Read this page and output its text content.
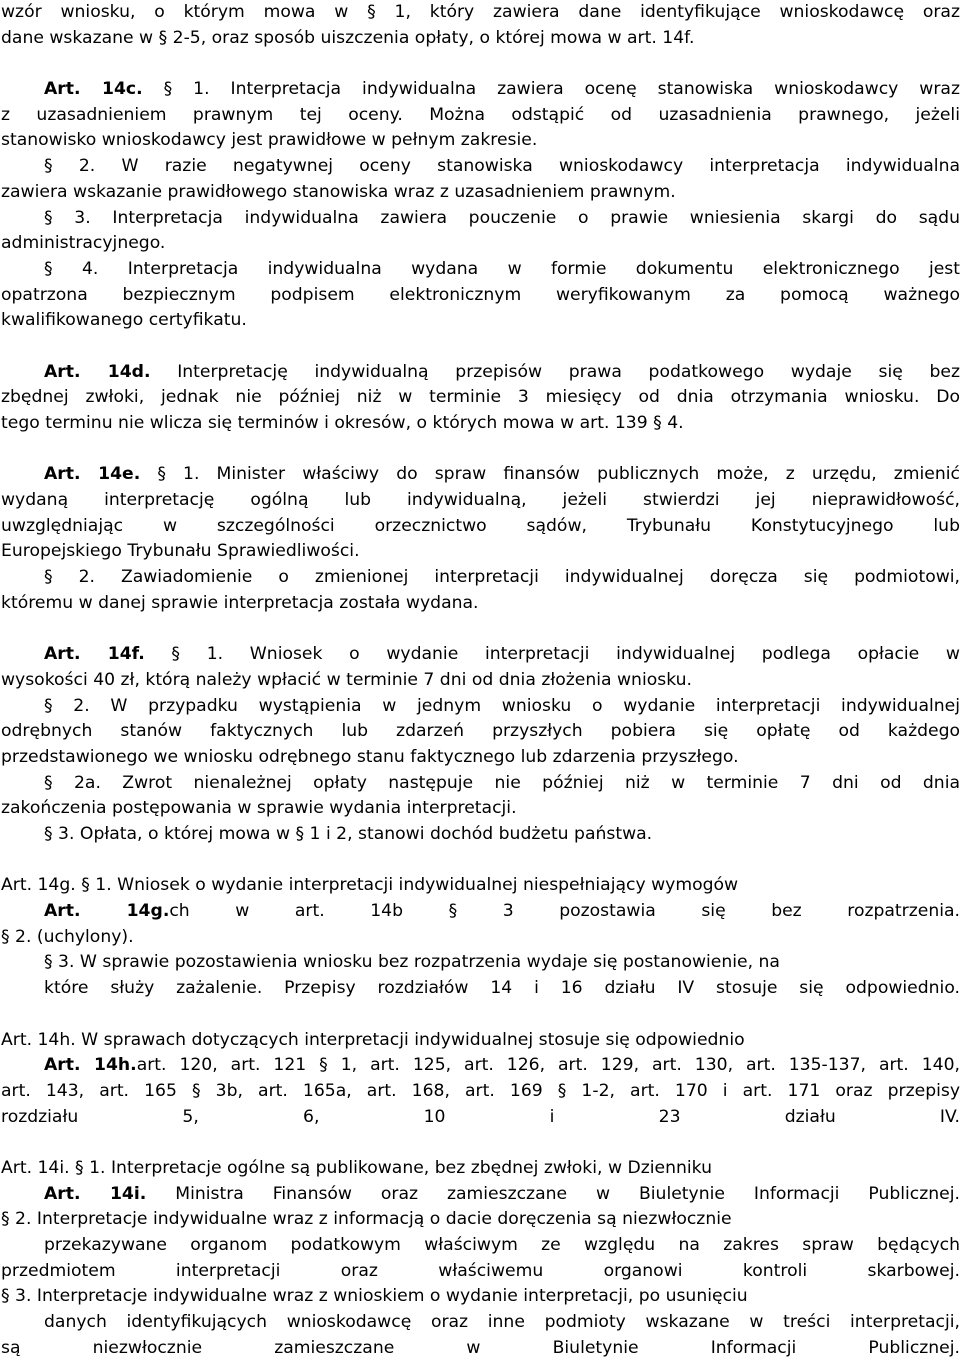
wzór wniosku, o którym mowa w § 1, który zawiera dane identyfikujące wnioskodawcę oraz
dane wskazane w § 2-5, oraz sposób uiszczenia opłaty, o której mowa w art. 14f.
Art. 14c. § 1. Interpretacja indywidualna zawiera ocenę stanowiska wnioskodawcy wraz
z uzasadnieniem prawnym tej oceny. Można odstąpić od uzasadnienia prawnego, jeżeli
stanowisko wnioskodawcy jest prawidłowe w pełnym zakresie.
§ 2. W razie negatywnej oceny stanowiska wnioskodawcy interpretacja indywidualna
zawiera wskazanie prawidłowego stanowiska wraz z uzasadnieniem prawnym.
§ 3. Interpretacja indywidualna zawiera pouczenie o prawie wniesienia skargi do sądu
administracyjnego.
§ 4. Interpretacja indywidualna wydana w formie dokumentu elektronicznego jest
opatrzona bezpiecznym podpisem elektronicznym weryfikowanym za pomocą ważnego
kwalifikowanego certyfikatu.
Art. 14d. Interpretację indywidualną przepisów prawa podatkowego wydaje się bez
zbędnej zwłoki, jednak nie później niż w terminie 3 miesięcy od dnia otrzymania wniosku. Do
tego terminu nie wlicza się terminów i okresów, o których mowa w art. 139 § 4.
Art. 14e. § 1. Minister właściwy do spraw finansów publicznych może, z urzędu, zmienić
wydaną interpretację ogólną lub indywidualną, jeżeli stwierdzi jej nieprawidłowość,
uwzględniając w szczególności orzecznictwo sądów, Trybunału Konstytucyjnego lub
Europejskiego Trybunału Sprawiedliwości.
§ 2. Zawiadomienie o zmienionej interpretacji indywidualnej doręcza się podmiotowi,
któremu w danej sprawie interpretacja została wydana.
Art. 14f. § 1. Wniosek o wydanie interpretacji indywidualnej podlega opłacie w
wysokości 40 zł, którą należy wpłacić w terminie 7 dni od dnia złożenia wniosku.
§ 2. W przypadku wystąpienia w jednym wniosku o wydanie interpretacji indywidualnej
odrębnych stanów faktycznych lub zdarzeń przyszłych pobiera się opłatę od każdego
przedstawionego we wniosku odrębnego stanu faktycznego lub zdarzenia przyszłego.
§ 2a. Zwrot nienależnej opłaty następuje nie później niż w terminie 7 dni od dnia
zakończenia postępowania w sprawie wydania interpretacji.
§ 3. Opłata, o której mowa w § 1 i 2, stanowi dochód budżetu państwa.
Art. 14g. § 1. Wniosek o wydanie interpretacji indywidualnej niespełniający wymogów
Art. 14g.ch w art. 14b § 3 pozostawia się bez rozpatrzenia.
§ 2. (uchylony).
§ 3. W sprawie pozostawienia wniosku bez rozpatrzenia wydaje się postanowienie, na
które służy zażalenie. Przepisy rozdziałów 14 i 16 działu IV stosuje się odpowiednio.
Art. 14h. W sprawach dotyczących interpretacji indywidualnej stosuje się odpowiednio
Art. 14h.art. 120, art. 121 § 1, art. 125, art. 126, art. 129, art. 130, art. 135-137, art. 140,
art. 143, art. 165 § 3b, art. 165a, art. 168, art. 169 § 1-2, art. 170 i art. 171 oraz przepisy
rozdziału 5, 6, 10 i 23 działu IV.
Art. 14i. § 1. Interpretacje ogólne są publikowane, bez zbędnej zwłoki, w Dzienniku
Art. 14i. Ministra Finansów oraz zamieszczane w Biuletynie Informacji Publicznej.
§ 2. Interpretacje indywidualne wraz z informacją o dacie doręczenia są niezwłocznie
przekazywane organom podatkowym właściwym ze względu na zakres spraw będących
przedmiotem interpretacji oraz właściwemu organowi kontroli skarbowej.
§ 3. Interpretacje indywidualne wraz z wnioskiem o wydanie interpretacji, po usunięciu
danych identyfikujących wnioskodawcę oraz inne podmioty wskazane w treści interpretacji,
są niezwłocznie zamieszczane w Biuletynie Informacji Publicznej.
